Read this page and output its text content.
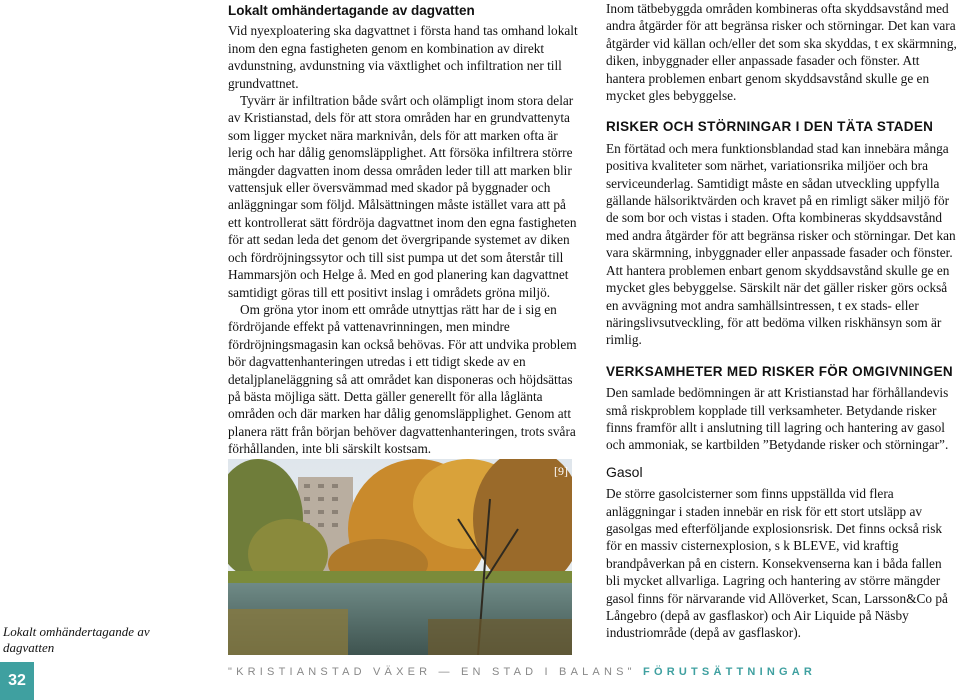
Lokalt omhändertagande av dagvatten
Lokalt omhändertagande av dagvatten

Vid nyexploatering ska dagvattnet i första hand tas omhand lokalt inom den egna fastigheten genom en kombination av direkt avdunstning, avdunstning via växtlighet och infiltration ner till grundvattnet.

Tyvärr är infiltration både svårt och olämpligt inom stora delar av Kristianstad, dels för att stora områden har en grundvattenyta som ligger mycket nära marknivån, dels för att marken ofta är lerig och har dålig genomsläpplighet. Att försöka infiltrera större mängder dagvatten inom dessa områden leder till att marken blir vattensjuk eller översvämmad med skador på byggnader och anläggningar som följd. Målsättningen måste istället vara att på ett kontrollerat sätt fördröja dagvattnet inom den egna fastigheten för att sedan leda det genom det övergripande systemet av diken och fördröjningssytor och till sist pumpa ut det som återstår till Hammarsjön och Helge å. Med en god planering kan dagvattnet samtidigt göras till ett positivt inslag i områdets gröna miljö.

Om gröna ytor inom ett område utnyttjas rätt har de i sig en fördröjande effekt på vattenavrinningen, men mindre fördröjningsmagasin kan också behövas. För att undvika problem bör dagvattenhanteringen utredas i ett tidigt skede av en detaljplaneläggning så att området kan disponeras och höjdsättas på bästa möjliga sätt. Detta gäller generellt för alla låglänta områden och där marken har dålig genomsläpplighet. Genom att planera rätt från början behöver dagvattenhanteringen, trots svåra förhållanden, inte bli särskilt kostsam.

[9]

Inom tätbebyggda områden kombineras ofta skyddsavstånd med andra åtgärder för att begränsa risker och störningar. Det kan vara åtgärder vid källan och/eller det som ska skyddas, t ex skärmning, diken, inbyggnader eller anpassade fasader och fönster. Att hantera problemen enbart genom skyddsavstånd skulle ge en mycket gles bebyggelse.

RISKER OCH STÖRNINGAR I DEN TÄTA STADEN

En förtätad och mera funktionsblandad stad kan innebära många positiva kvaliteter som närhet, variationsrika miljöer och bra serviceunderlag. Samtidigt måste en sådan utveckling uppfylla gällande hälsoriktvärden och kravet på en rimligt säker miljö för de som bor och vistas i staden. Ofta kombineras skyddsavstånd med andra åtgärder för att begränsa risker och störningar. Det kan vara skärmning, inbyggnader eller anpassade fasader och fönster. Att hantera problemen enbart genom skyddsavstånd skulle ge en mycket gles bebyggelse. Särskilt när det gäller risker görs också en avvägning mot andra samhällsintressen, t ex stads- eller näringslivsutveckling, för att bedöma vilken riskhänsyn som är rimlig.

VERKSAMHETER MED RISKER FÖR OMGIVNINGEN

Den samlade bedömningen är att Kristianstad har förhållandevis små riskproblem kopplade till verksamheter. Betydande risker finns framför allt i anslutning till lagring och hantering av gasol och ammoniak, se kartbilden ”Betydande risker och störningar”.

Gasol

De större gasolcisterner som finns uppställda vid flera anläggningar i staden innebär en risk för ett stort utsläpp av gasolgas med efterföljande explosionsrisk. Det finns också risk för en massiv cisternexplosion, s k BLEVE, vid kraftig brandpåverkan på en cistern. Konsekvenserna kan i båda fallen bli mycket allvarliga. Lagring och hantering av större mängder gasol finns för närvarande vid Allöverket, Scan, Larsson&Co på Långebro (depå av gasflaskor) och Air Liquide på Näsby industriområde (depå av gasflaskor).

32	"KRISTIANSTAD VÄXER — EN STAD I BALANS" FÖRUTSÄTTNINGAR
